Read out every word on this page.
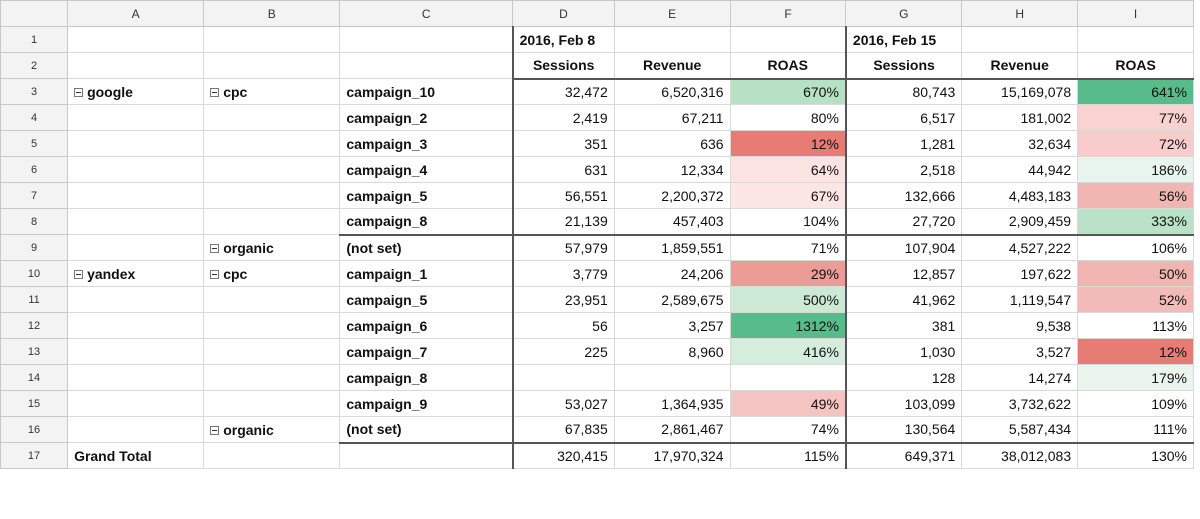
	A	B	C	D	E	F	G	H	I
1				2016, Feb 8			2016, Feb 15		
2				Sessions	Revenue	ROAS	Sessions	Revenue	ROAS
3	google	cpc	campaign_10	32,472	6,520,316	670%	80,743	15,169,078	641%
4			campaign_2	2,419	67,211	80%	6,517	181,002	77%
5			campaign_3	351	636	12%	1,281	32,634	72%
6			campaign_4	631	12,334	64%	2,518	44,942	186%
7			campaign_5	56,551	2,200,372	67%	132,666	4,483,183	56%
8			campaign_8	21,139	457,403	104%	27,720	2,909,459	333%
9		organic	(not set)	57,979	1,859,551	71%	107,904	4,527,222	106%
10	yandex	cpc	campaign_1	3,779	24,206	29%	12,857	197,622	50%
11			campaign_5	23,951	2,589,675	500%	41,962	1,119,547	52%
12			campaign_6	56	3,257	1312%	381	9,538	113%
13			campaign_7	225	8,960	416%	1,030	3,527	12%
14			campaign_8				128	14,274	179%
15			campaign_9	53,027	1,364,935	49%	103,099	3,732,622	109%
16		organic	(not set)	67,835	2,861,467	74%	130,564	5,587,434	111%
17	Grand Total			320,415	17,970,324	115%	649,371	38,012,083	130%
